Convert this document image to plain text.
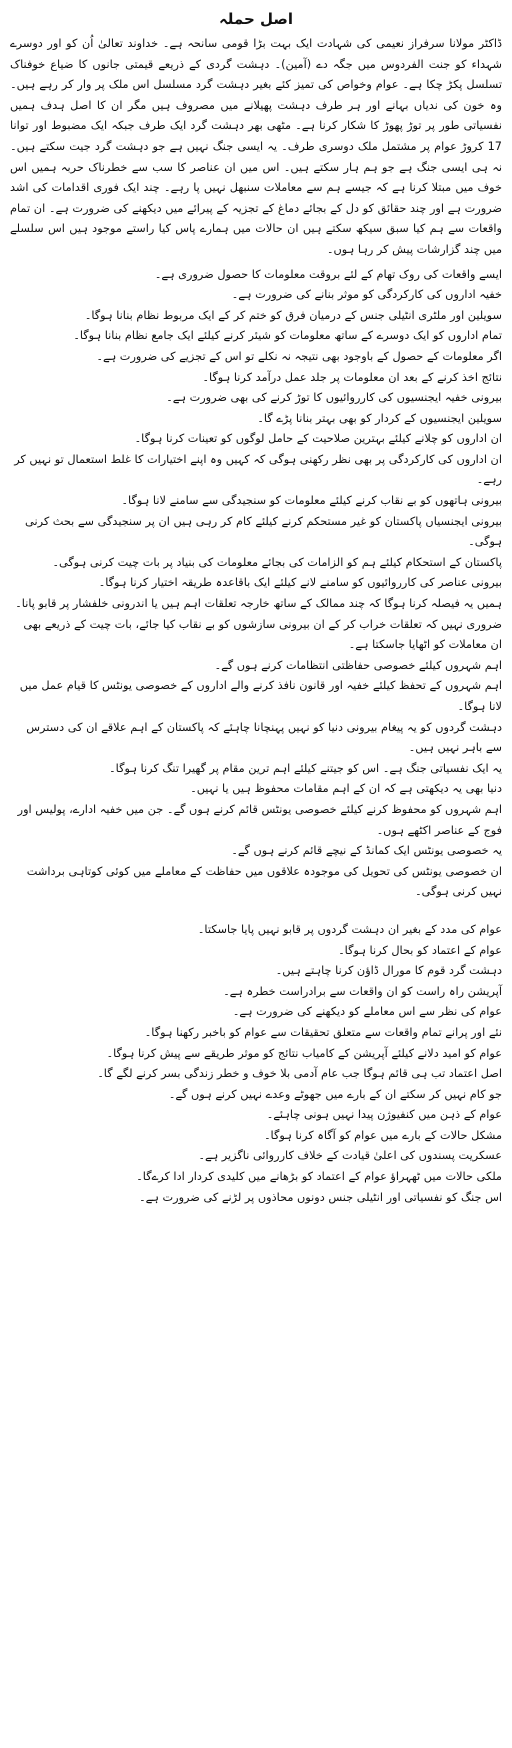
اصل حملہ
ڈاکٹر مولانا سرفراز نعیمی کی شہادت ایک بہت بڑا قومی سانحہ ہے۔ خداوند تعالیٰ اُن کو اور دوسرے شہداء کو جنت الفردوس میں جگہ دے (آمین)۔ دہشت گردی کے ذریعے قیمتی جانوں کا ضیاع خوفناک تسلسل پکڑ چکا ہے۔ عوام وخواص کی تمیز کئے بغیر دہشت گرد مسلسل اس ملک پر وار کر رہے ہیں۔ وہ خون کی ندیاں بہانے اور ہر طرف دہشت پھیلانے میں مصروف ہیں مگر ان کا اصل ہدف ہمیں نفسیاتی طور پر توڑ پھوڑ کا شکار کرنا ہے۔ مٹھی بھر دہشت گرد ایک طرف جبکہ ایک مضبوط اور توانا 17 کروڑ عوام پر مشتمل ملک دوسری طرف۔ یہ ایسی جنگ نہیں ہے جو دہشت گرد جیت سکتے ہیں۔ نہ ہی ایسی جنگ ہے جو ہم ہار سکتے ہیں۔ اس میں ان عناصر کا سب سے خطرناک حربہ ہمیں اس خوف میں مبتلا کرنا ہے کہ جیسے ہم سے معاملات سنبھل نہیں پا رہے۔ چند ایک فوری اقدامات کی اشد ضرورت ہے اور چند حقائق کو دل کے بجائے دماغ کے تجزیہ کے پیرائے میں دیکھنے کی ضرورت ہے۔ ان تمام واقعات سے ہم کیا سبق سیکھ سکتے ہیں ان حالات میں ہمارے پاس کیا راستے موجود ہیں اس سلسلے میں چند گزارشات پیش کر رہا ہوں۔

ایسے واقعات کی روک تھام کے لئے بروقت معلومات کا حصول ضروری ہے۔

خفیہ اداروں کی کارکردگی کو موثر بنانے کی ضرورت ہے۔

سویلین اور ملٹری انٹیلی جنس کے درمیان فرق کو ختم کر کے ایک مربوط نظام بنانا ہوگا۔

تمام اداروں کو ایک دوسرے کے ساتھ معلومات کو شیئر کرنے کیلئے ایک جامع نظام بنانا ہوگا۔

اگر معلومات کے حصول کے باوجود بھی نتیجہ نہ نکلے تو اس کے تجزیے کی ضرورت ہے۔

نتائج اخذ کرنے کے بعد ان معلومات پر جلد عمل درآمد کرنا ہوگا۔

بیرونی خفیہ ایجنسیوں کی کارروائیوں کا توڑ کرنے کی بھی ضرورت ہے۔

سویلین ایجنسیوں کے کردار کو بھی بہتر بنانا پڑے گا۔

ان اداروں کو چلانے کیلئے بہترین صلاحیت کے حامل لوگوں کو تعینات کرنا ہوگا۔

ان اداروں کی کارکردگی پر بھی نظر رکھنی ہوگی کہ کہیں وہ اپنے اختیارات کا غلط استعمال تو نہیں کر رہے۔

بیرونی ہاتھوں کو بے نقاب کرنے کیلئے معلومات کو سنجیدگی سے سامنے لانا ہوگا۔

بیرونی ایجنسیاں پاکستان کو غیر مستحکم کرنے کیلئے کام کر رہی ہیں ان پر سنجیدگی سے بحث کرنی ہوگی۔

پاکستان کے استحکام کیلئے ہم کو الزامات کی بجائے معلومات کی بنیاد پر بات چیت کرنی ہوگی۔

بیرونی عناصر کی کارروائیوں کو سامنے لانے کیلئے ایک باقاعدہ طریقہ اختیار کرنا ہوگا۔

ہمیں یہ فیصلہ کرنا ہوگا کہ چند ممالک کے ساتھ خارجہ تعلقات اہم ہیں یا اندرونی خلفشار پر قابو پانا۔

ضروری نہیں کہ تعلقات خراب کر کے ان بیرونی سازشوں کو بے نقاب کیا جائے، بات چیت کے ذریعے بھی ان معاملات کو اٹھایا جاسکتا ہے۔

اہم شہروں کیلئے خصوصی حفاظتی انتظامات کرنے ہوں گے۔

اہم شہروں کے تحفظ کیلئے خفیہ اور قانون نافذ کرنے والے اداروں کے خصوصی یونٹس کا قیام عمل میں لانا ہوگا۔

دہشت گردوں کو یہ پیغام بیرونی دنیا کو نہیں پہنچانا چاہئے کہ پاکستان کے اہم علاقے ان کی دسترس سے باہر نہیں ہیں۔

یہ ایک نفسیاتی جنگ ہے۔ اس کو جیتنے کیلئے اہم ترین مقام پر گھیرا تنگ کرنا ہوگا۔

دنیا بھی یہ دیکھتی ہے کہ ان کے اہم مقامات محفوظ ہیں یا نہیں۔

اہم شہروں کو محفوظ کرنے کیلئے خصوصی یونٹس قائم کرنے ہوں گے۔ جن میں خفیہ ادارے، پولیس اور فوج کے عناصر اکٹھے ہوں۔

یہ خصوصی یونٹس ایک کمانڈ کے نیچے قائم کرنے ہوں گے۔

ان خصوصی یونٹس کی تحویل کی موجودہ علاقوں میں حفاظت کے معاملے میں کوئی کوتاہی برداشت نہیں کرنی ہوگی۔

عوام کی مدد کے بغیر ان دہشت گردوں پر قابو نہیں پایا جاسکتا۔

عوام کے اعتماد کو بحال کرنا ہوگا۔

دہشت گرد قوم کا مورال ڈاؤن کرنا چاہتے ہیں۔

آپریشن راہ راست کو ان واقعات سے برادراست خطرہ ہے۔

عوام کی نظر سے اس معاملے کو دیکھنے کی ضرورت ہے۔

نئے اور پرانے تمام واقعات سے متعلق تحقیقات سے عوام کو باخبر رکھنا ہوگا۔

عوام کو امید دلانے کیلئے آپریشن کے کامیاب نتائج کو موثر طریقے سے پیش کرنا ہوگا۔

اصل اعتماد تب ہی قائم ہوگا جب عام آدمی بلا خوف و خطر زندگی بسر کرنے لگے گا۔

جو کام نہیں کر سکتے ان کے بارے میں جھوٹے وعدے نہیں کرنے ہوں گے۔

عوام کے ذہن میں کنفیوژن پیدا نہیں ہونی چاہئے۔

مشکل حالات کے بارے میں عوام کو آگاہ کرنا ہوگا۔

عسکریت پسندوں کی اعلیٰ قیادت کے خلاف کارروائی ناگزیر ہے۔

ملکی حالات میں ٹھہراؤ عوام کے اعتماد کو بڑھانے میں کلیدی کردار ادا کرےگا۔

اس جنگ کو نفسیاتی اور انٹیلی جنس دونوں محاذوں پر لڑنے کی ضرورت ہے۔
